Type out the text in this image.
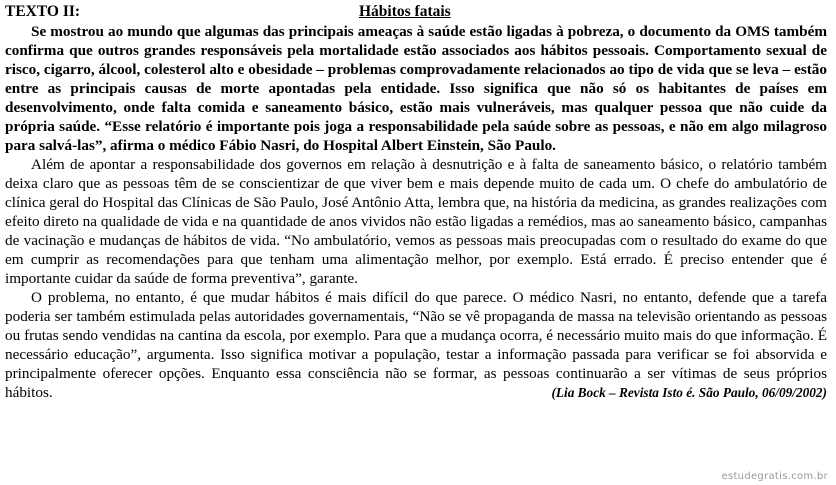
TEXTO II:	Hábitos fatais

Se mostrou ao mundo que algumas das principais ameaças à saúde estão ligadas à pobreza, o documento da OMS também confirma que outros grandes responsáveis pela mortalidade estão associados aos hábitos pessoais. Comportamento sexual de risco, cigarro, álcool, colesterol alto e obesidade – problemas comprovadamente relacionados ao tipo de vida que se leva – estão entre as principais causas de morte apontadas pela entidade. Isso significa que não só os habitantes de países em desenvolvimento, onde falta comida e saneamento básico, estão mais vulneráveis, mas qualquer pessoa que não cuide da própria saúde. “Esse relatório é importante pois joga a responsabilidade pela saúde sobre as pessoas, e não em algo milagroso para salvá-las”, afirma o médico Fábio Nasri, do Hospital Albert Einstein, São Paulo.

Além de apontar a responsabilidade dos governos em relação à desnutrição e à falta de saneamento básico, o relatório também deixa claro que as pessoas têm de se conscientizar de que viver bem e mais depende muito de cada um. O chefe do ambulatório de clínica geral do Hospital das Clínicas de São Paulo, José Antônio Atta, lembra que, na história da medicina, as grandes realizações com efeito direto na qualidade de vida e na quantidade de anos vividos não estão ligadas a remédios, mas ao saneamento básico, campanhas de vacinação e mudanças de hábitos de vida. “No ambulatório, vemos as pessoas mais preocupadas com o resultado do exame do que em cumprir as recomendações para que tenham uma alimentação melhor, por exemplo. Está errado. É preciso entender que é importante cuidar da saúde de forma preventiva”, garante.

O problema, no entanto, é que mudar hábitos é mais difícil do que parece. O médico Nasri, no entanto, defende que a tarefa poderia ser também estimulada pelas autoridades governamentais, “Não se vê propaganda de massa na televisão orientando as pessoas ou frutas sendo vendidas na cantina da escola, por exemplo. Para que a mudança ocorra, é necessário muito mais do que informação. É necessário educação”, argumenta. Isso significa motivar a população, testar a informação passada para verificar se foi absorvida e principalmente oferecer opções. Enquanto essa consciência não se formar, as pessoas continuarão a ser vítimas de seus próprios hábitos.	(Lia Bock – Revista Isto é. São Paulo, 06/09/2002)
estudegratis.com.br
